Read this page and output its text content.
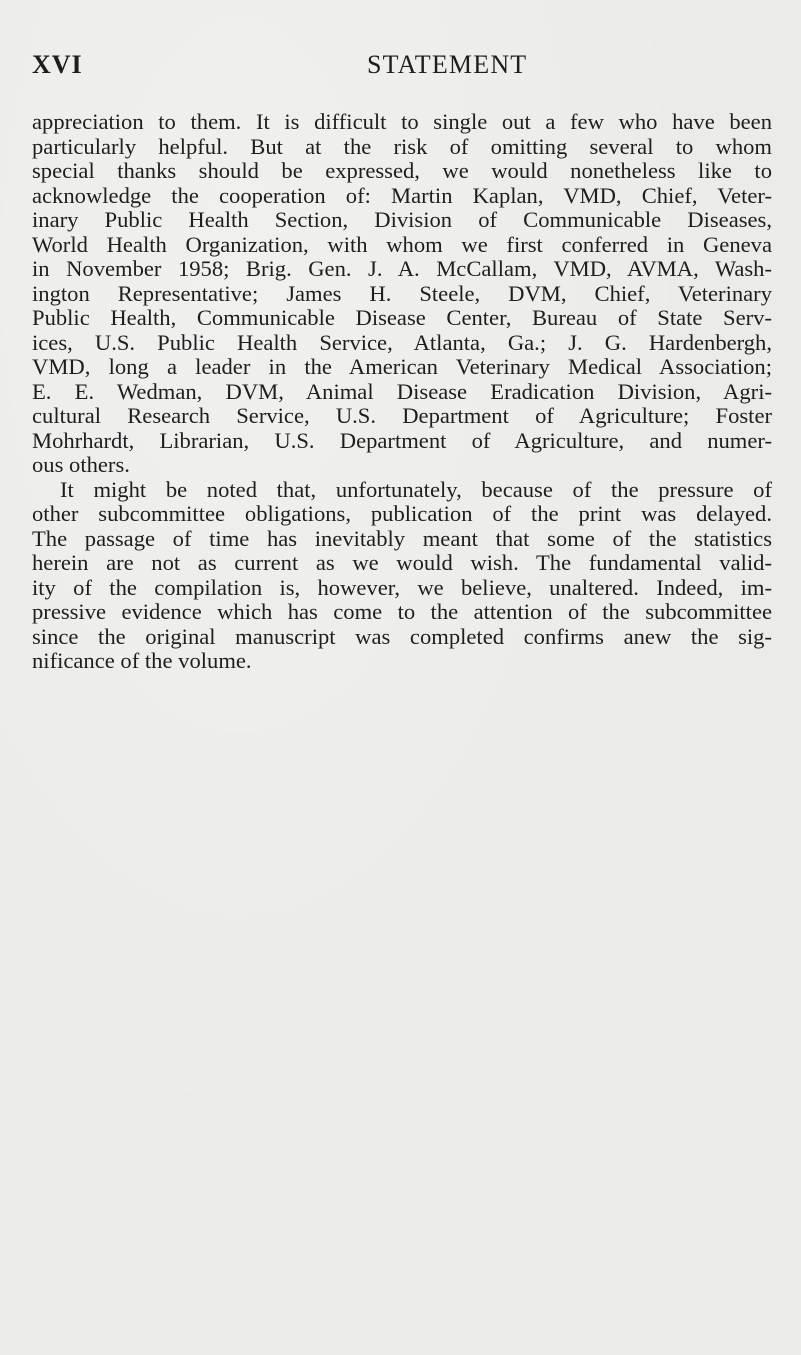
XVI	STATEMENT
appreciation to them. It is difficult to single out a few who have been
particularly helpful. But at the risk of omitting several to whom
special thanks should be expressed, we would nonetheless like to
acknowledge the cooperation of: Martin Kaplan, VMD, Chief, Veter-
inary Public Health Section, Division of Communicable Diseases,
World Health Organization, with whom we first conferred in Geneva
in November 1958; Brig. Gen. J. A. McCallam, VMD, AVMA, Wash-
ington Representative; James H. Steele, DVM, Chief, Veterinary
Public Health, Communicable Disease Center, Bureau of State Serv-
ices, U.S. Public Health Service, Atlanta, Ga.; J. G. Hardenbergh,
VMD, long a leader in the American Veterinary Medical Association;
E. E. Wedman, DVM, Animal Disease Eradication Division, Agri-
cultural Research Service, U.S. Department of Agriculture; Foster
Mohrhardt, Librarian, U.S. Department of Agriculture, and numer-
ous others.
It might be noted that, unfortunately, because of the pressure of
other subcommittee obligations, publication of the print was delayed.
The passage of time has inevitably meant that some of the statistics
herein are not as current as we would wish. The fundamental valid-
ity of the compilation is, however, we believe, unaltered. Indeed, im-
pressive evidence which has come to the attention of the subcommittee
since the original manuscript was completed confirms anew the sig-
nificance of the volume.
